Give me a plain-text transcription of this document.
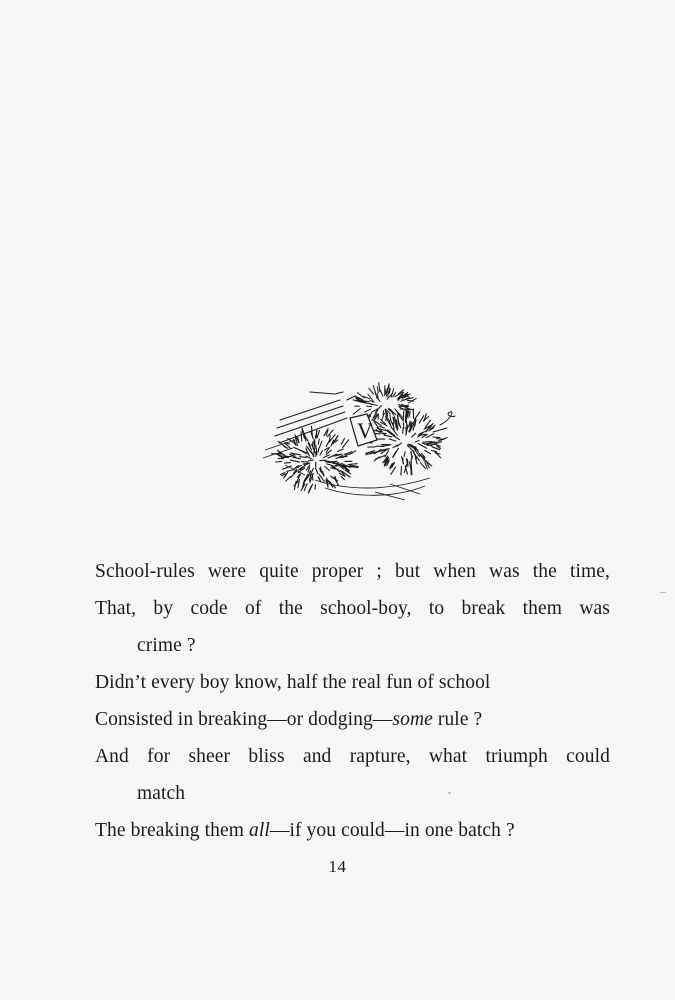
V
School-rules were quite proper ; but when was the time,
That, by code of the school-boy, to break them was
crime ?
Didn’t every boy know, half the real fun of school
Consisted in breaking—or dodging—some rule ?
And for sheer bliss and rapture, what triumph could
match
The breaking them all—if you could—in one batch ?
14
